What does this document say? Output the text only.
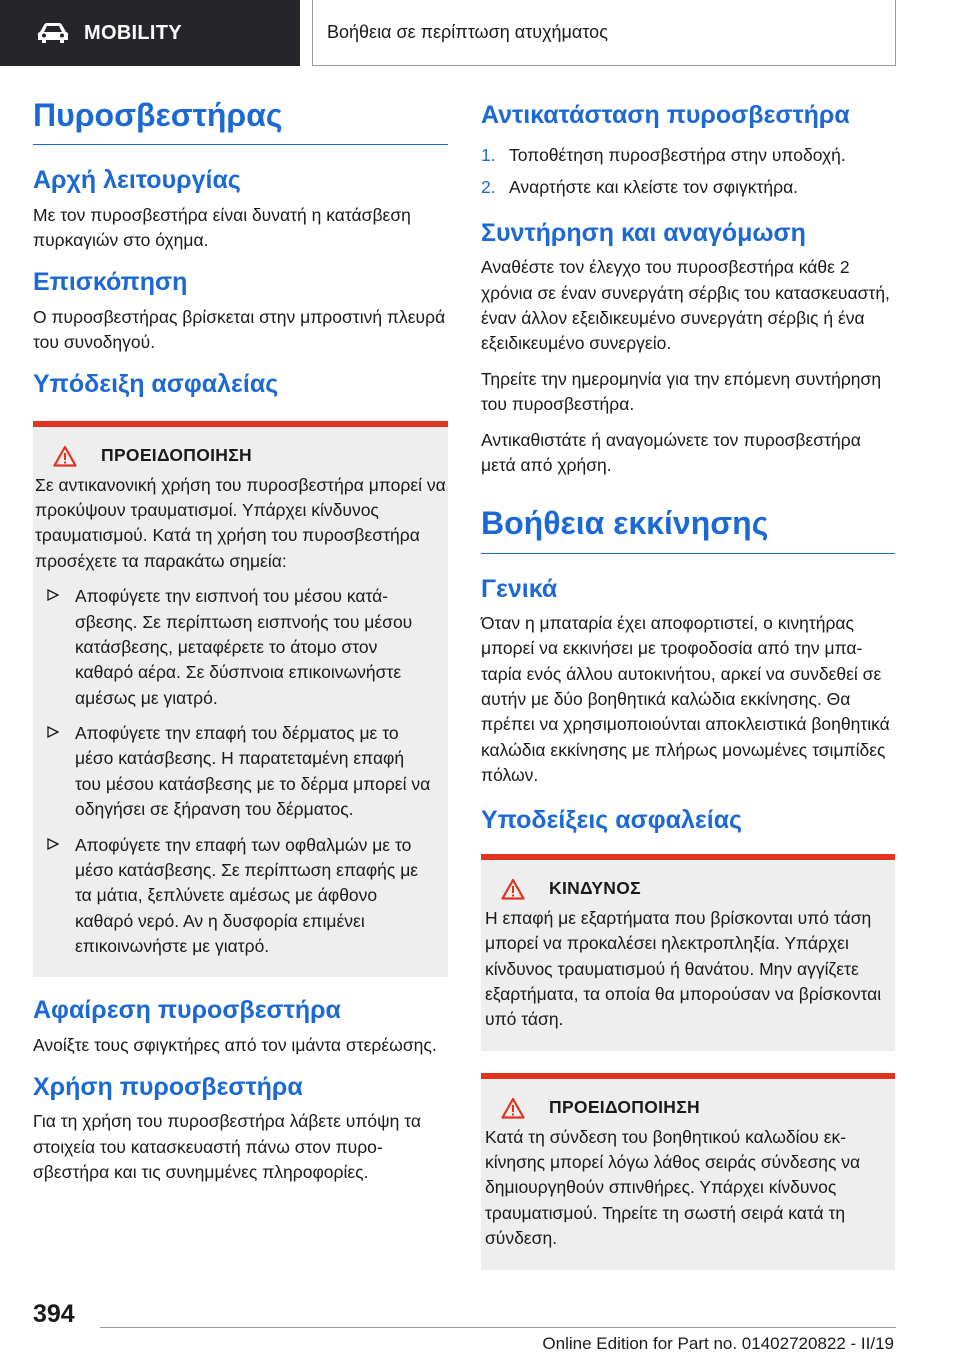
MOBILITY	Βοήθεια σε περίπτωση ατυχήματος
Πυροσβεστήρας
Αρχή λειτουργίας
Με τον πυροσβεστήρα είναι δυνατή η κατάσβεση πυρκαγιών στο όχημα.
Επισκόπηση
Ο πυροσβεστήρας βρίσκεται στην μπροστινή πλευρά του συνοδηγού.
Υπόδειξη ασφαλείας
ΠΡΟΕΙΔΟΠΟΙΗΣΗ
Σε αντικανονική χρήση του πυροσβεστήρα μπορεί να προκύψουν τραυματισμοί. Υπάρχει κίνδυνος τραυματισμού. Κατά τη χρήση του πυροσβεστήρα προσέχετε τα παρακάτω σημεία:
Αποφύγετε την εισπνοή του μέσου κατάσβεσης. Σε περίπτωση εισπνοής του μέσου κατάσβεσης, μεταφέρετε το άτομο στον καθαρό αέρα. Σε δύσπνοια επικοινωνήστε αμέσως με γιατρό.
Αποφύγετε την επαφή του δέρματος με το μέσο κατάσβεσης. Η παρατεταμένη επαφή του μέσου κατάσβεσης με το δέρμα μπορεί να οδηγήσει σε ξήρανση του δέρματος.
Αποφύγετε την επαφή των οφθαλμών με το μέσο κατάσβεσης. Σε περίπτωση επαφής με τα μάτια, ξεπλύνετε αμέσως με άφθονο καθαρό νερό. Αν η δυσφορία επιμένει επικοινωνήστε με γιατρό.
Αφαίρεση πυροσβεστήρα
Ανοίξτε τους σφιγκτήρες από τον ιμάντα στερέωσης.
Χρήση πυροσβεστήρα
Για τη χρήση του πυροσβεστήρα λάβετε υπόψη τα στοιχεία του κατασκευαστή πάνω στον πυροσβεστήρα και τις συνημμένες πληροφορίες.
Αντικατάσταση πυροσβεστήρα
1. Τοποθέτηση πυροσβεστήρα στην υποδοχή.
2. Αναρτήστε και κλείστε τον σφιγκτήρα.
Συντήρηση και αναγόμωση
Αναθέστε τον έλεγχο του πυροσβεστήρα κάθε 2 χρόνια σε έναν συνεργάτη σέρβις του κατασκευαστή, έναν άλλον εξειδικευμένο συνεργάτη σέρβις ή ένα εξειδικευμένο συνεργείο.
Τηρείτε την ημερομηνία για την επόμενη συντήρηση του πυροσβεστήρα.
Αντικαθιστάτε ή αναγομώνετε τον πυροσβεστήρα μετά από χρήση.
Βοήθεια εκκίνησης
Γενικά
Όταν η μπαταρία έχει αποφορτιστεί, ο κινητήρας μπορεί να εκκινήσει με τροφοδοσία από την μπαταρία ενός άλλου αυτοκινήτου, αρκεί να συνδεθεί σε αυτήν με δύο βοηθητικά καλώδια εκκίνησης. Θα πρέπει να χρησιμοποιούνται αποκλειστικά βοηθητικά καλώδια εκκίνησης με πλήρως μονωμένες τσιμπίδες πόλων.
Υποδείξεις ασφαλείας
ΚΙΝΔΥΝΟΣ
Η επαφή με εξαρτήματα που βρίσκονται υπό τάση μπορεί να προκαλέσει ηλεκτροπληξία. Υπάρχει κίνδυνος τραυματισμού ή θανάτου. Μην αγγίζετε εξαρτήματα, τα οποία θα μπορούσαν να βρίσκονται υπό τάση.
ΠΡΟΕΙΔΟΠΟΙΗΣΗ
Κατά τη σύνδεση του βοηθητικού καλωδίου εκκίνησης μπορεί λόγω λάθος σειράς σύνδεσης να δημιουργηθούν σπινθήρες. Υπάρχει κίνδυνος τραυματισμού. Τηρείτε τη σωστή σειρά κατά τη σύνδεση.
394
Online Edition for Part no. 01402720822 - II/19
